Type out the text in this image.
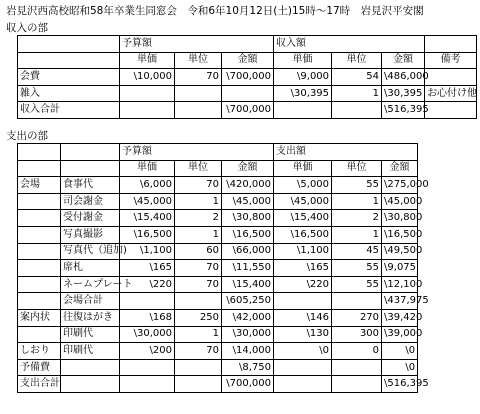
岩見沢西高校昭和58年卒業生同窓会　令和6年10月12日(土)15時～17時　岩見沢平安閣
収入の部
	予算額			収入額			
	単価	単位	金額	単価	単位	金額	備考
会費	\10,000	70	\700,000	\9,000	54	\486,000	
雑入				\30,395	1	\30,395	お心付け他
収入合計			\700,000			\516,395	
支出の部
		予算額			支出額		
		単価	単位	金額	単価	単位	金額
会場	食事代	\6,000	70	\420,000	\5,000	55	\275,000
	司会謝金	\45,000	1	\45,000	\45,000	1	\45,000
	受付謝金	\15,400	2	\30,800	\15,400	2	\30,800
	写真撮影	\16,500	1	\16,500	\16,500	1	\16,500
	写真代（追加)	\1,100	60	\66,000	\1,100	45	\49,500
	席札	\165	70	\11,550	\165	55	\9,075
	ネームプレート	\220	70	\15,400	\220	55	\12,100
	会場合計			\605,250			\437,975
案内状	往復はがき	\168	250	\42,000	\146	270	\39,420
	印刷代	\30,000	1	\30,000	\130	300	\39,000
しおり	印刷代	\200	70	\14,000	\0	0	\0
予備費				\8,750			\0
支出合計				\700,000			\516,395
